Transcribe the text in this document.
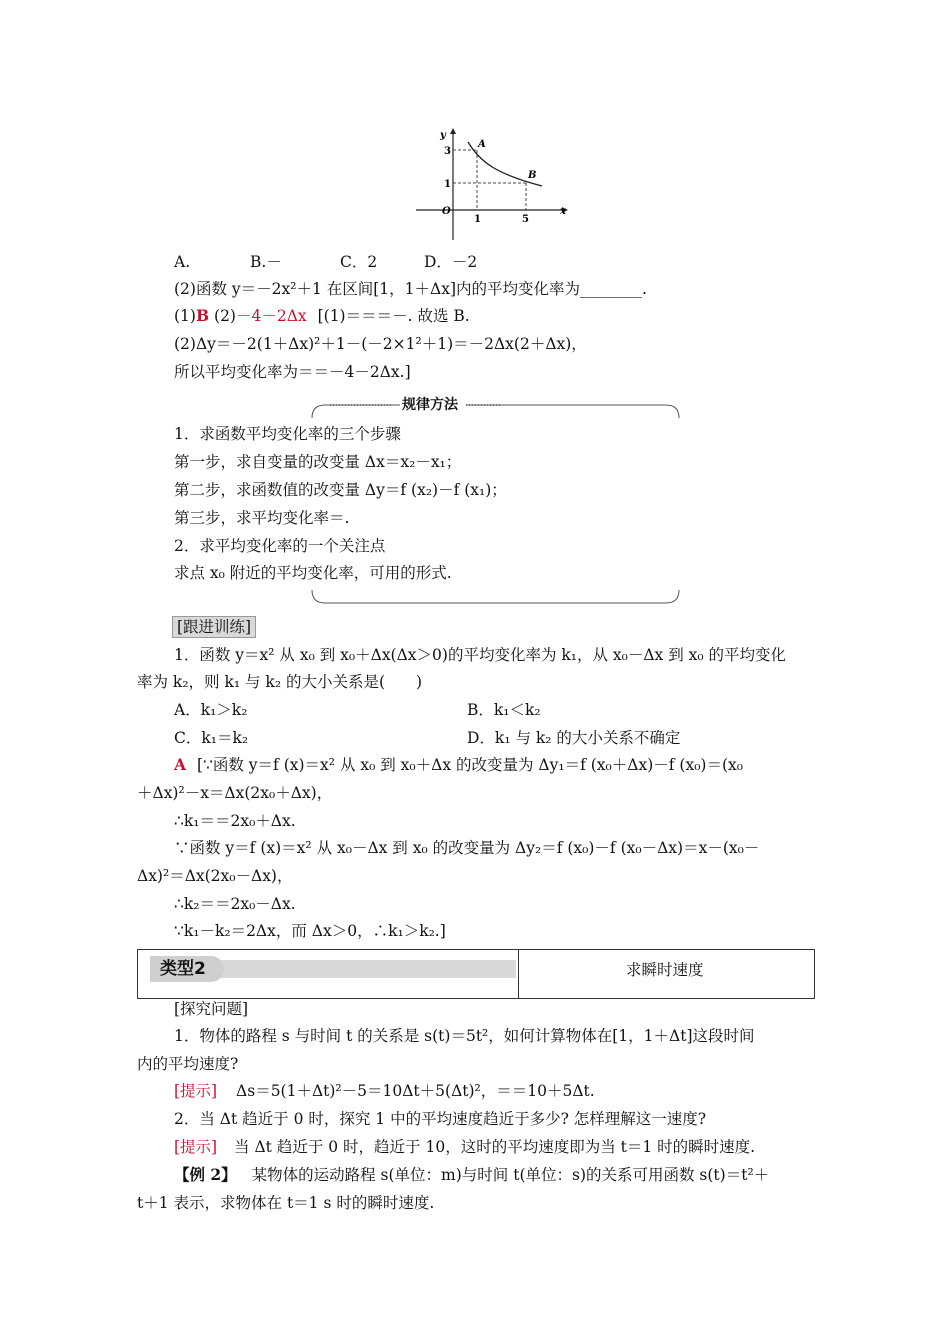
y
x
O
3
1
1	5
A
B
A.	B.－	C．2	D．－2
(2)函数 y＝－2x²＋1 在区间[1，1＋Δx]内的平均变化率为________.
(1)B (2)－4－2Δx [(1)＝＝＝－. 故选 B.
(2)Δy＝－2(1＋Δx)²＋1－(－2×1²＋1)＝－2Δx(2＋Δx)，
所以平均变化率为＝＝－4－2Δx.]
规律方法
1．求函数平均变化率的三个步骤
第一步，求自变量的改变量 Δx＝x₂－x₁；
第二步，求函数值的改变量 Δy＝f (x₂)－f (x₁)；
第三步，求平均变化率＝.
2．求平均变化率的一个关注点
求点 x₀ 附近的平均变化率，可用的形式.
[跟进训练]
1．函数 y＝x² 从 x₀ 到 x₀＋Δx(Δx＞0)的平均变化率为 k₁，从 x₀－Δx 到 x₀ 的平均变化
率为 k₂，则 k₁ 与 k₂ 的大小关系是(　　)
A．k₁＞k₂	B．k₁＜k₂
C．k₁＝k₂	D．k₁ 与 k₂ 的大小关系不确定
A [∵函数 y＝f (x)＝x² 从 x₀ 到 x₀＋Δx 的改变量为 Δy₁＝f (x₀＋Δx)－f (x₀)＝(x₀
＋Δx)²－x＝Δx(2x₀＋Δx)，
∴k₁＝＝2x₀＋Δx.
∵函数 y＝f (x)＝x² 从 x₀－Δx 到 x₀ 的改变量为 Δy₂＝f (x₀)－f (x₀－Δx)＝x－(x₀－
Δx)²＝Δx(2x₀－Δx)，
∴k₂＝＝2x₀－Δx.
∵k₁－k₂＝2Δx，而 Δx＞0，∴k₁＞k₂.]
类型2	求瞬时速度
[探究问题]
1．物体的路程 s 与时间 t 的关系是 s(t)＝5t²，如何计算物体在[1，1＋Δt]这段时间
内的平均速度?
[提示] Δs＝5(1＋Δt)²－5＝10Δt＋5(Δt)²，＝＝10＋5Δt.
2．当 Δt 趋近于 0 时，探究 1 中的平均速度趋近于多少? 怎样理解这一速度?
[提示] 当 Δt 趋近于 0 时，趋近于 10，这时的平均速度即为当 t＝1 时的瞬时速度.
【例 2】 某物体的运动路程 s(单位：m)与时间 t(单位：s)的关系可用函数 s(t)＝t²＋
t＋1 表示，求物体在 t＝1 s 时的瞬时速度.
